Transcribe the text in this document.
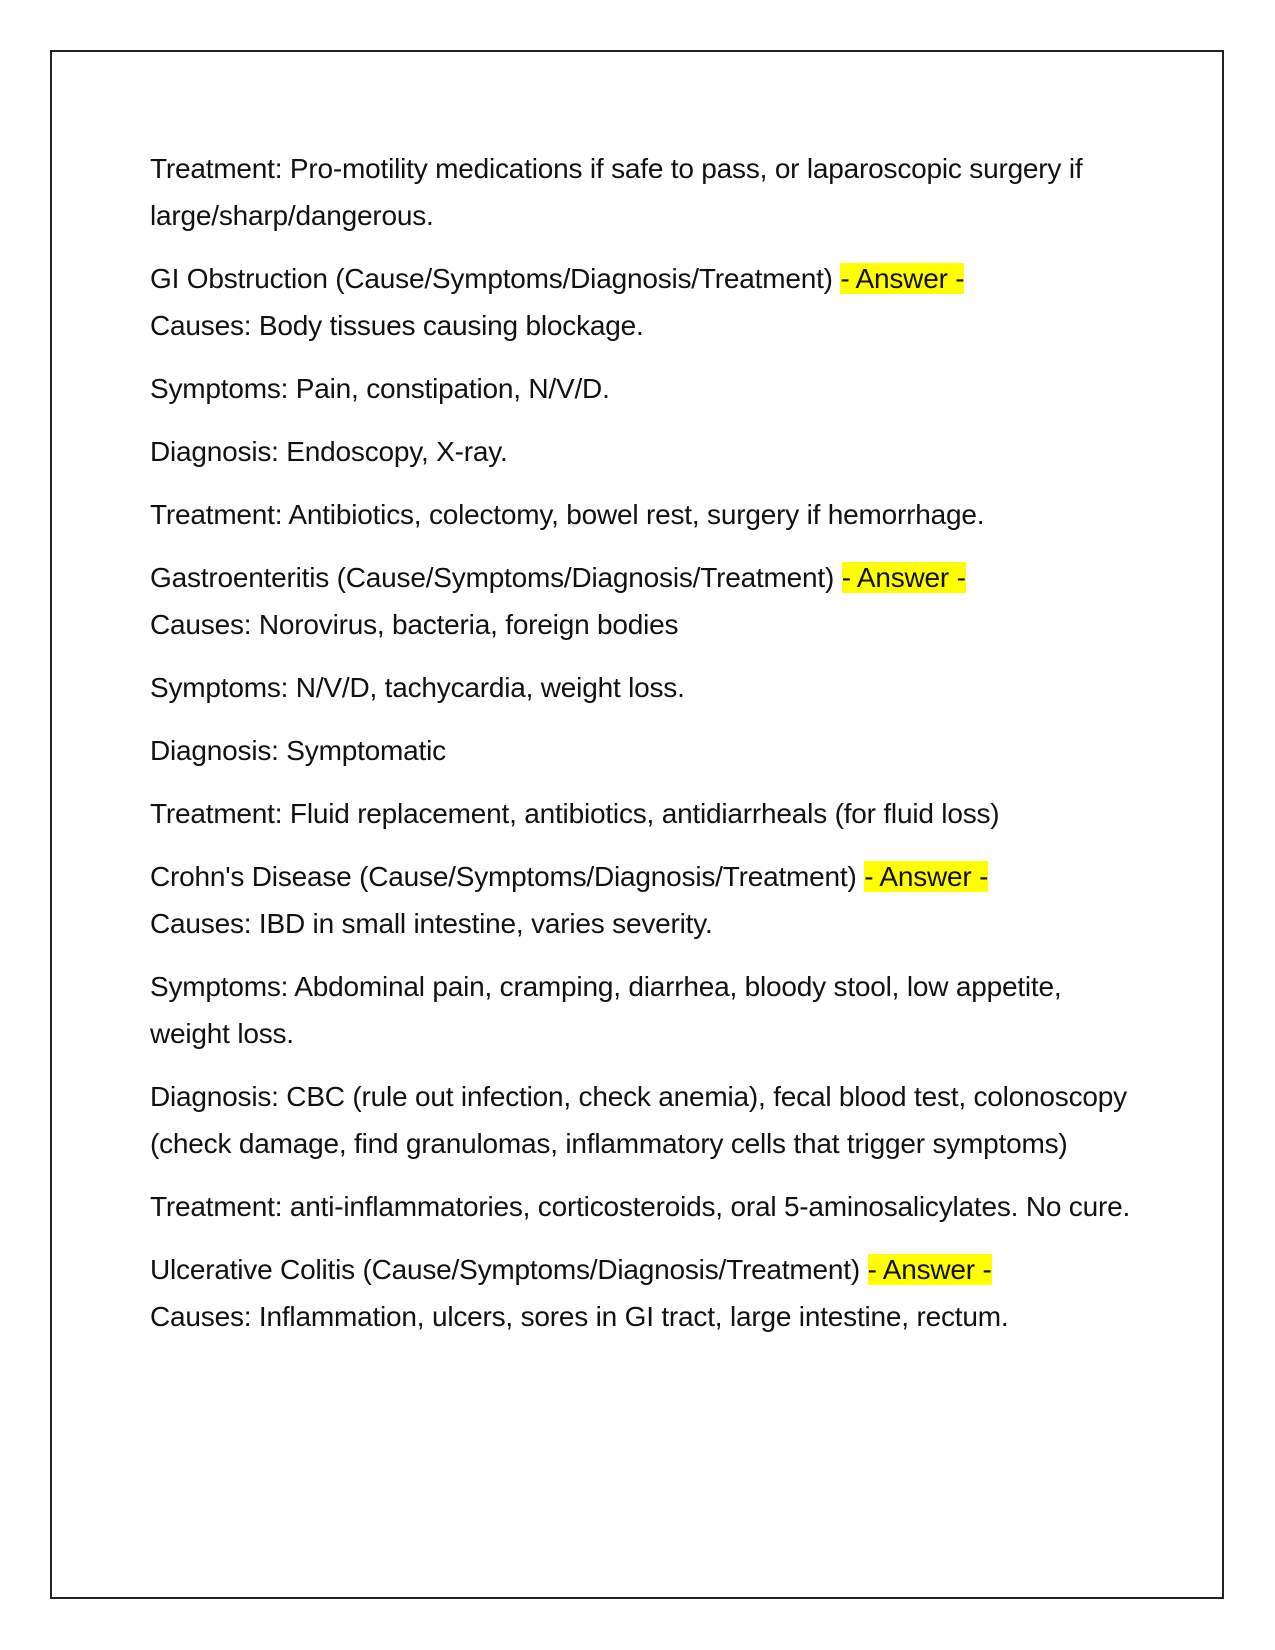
Treatment: Pro-motility medications if safe to pass, or laparoscopic surgery if large/sharp/dangerous.

GI Obstruction (Cause/Symptoms/Diagnosis/Treatment) - Answer -
Causes: Body tissues causing blockage.

Symptoms: Pain, constipation, N/V/D.

Diagnosis: Endoscopy, X-ray.

Treatment: Antibiotics, colectomy, bowel rest, surgery if hemorrhage.

Gastroenteritis (Cause/Symptoms/Diagnosis/Treatment) - Answer -
Causes: Norovirus, bacteria, foreign bodies

Symptoms: N/V/D, tachycardia, weight loss.

Diagnosis: Symptomatic

Treatment: Fluid replacement, antibiotics, antidiarrheals (for fluid loss)

Crohn's Disease (Cause/Symptoms/Diagnosis/Treatment) - Answer -
Causes: IBD in small intestine, varies severity.

Symptoms: Abdominal pain, cramping, diarrhea, bloody stool, low appetite, weight loss.

Diagnosis: CBC (rule out infection, check anemia), fecal blood test, colonoscopy (check damage, find granulomas, inflammatory cells that trigger symptoms)

Treatment: anti-inflammatories, corticosteroids, oral 5-aminosalicylates. No cure.

Ulcerative Colitis (Cause/Symptoms/Diagnosis/Treatment) - Answer -
Causes: Inflammation, ulcers, sores in GI tract, large intestine, rectum.
